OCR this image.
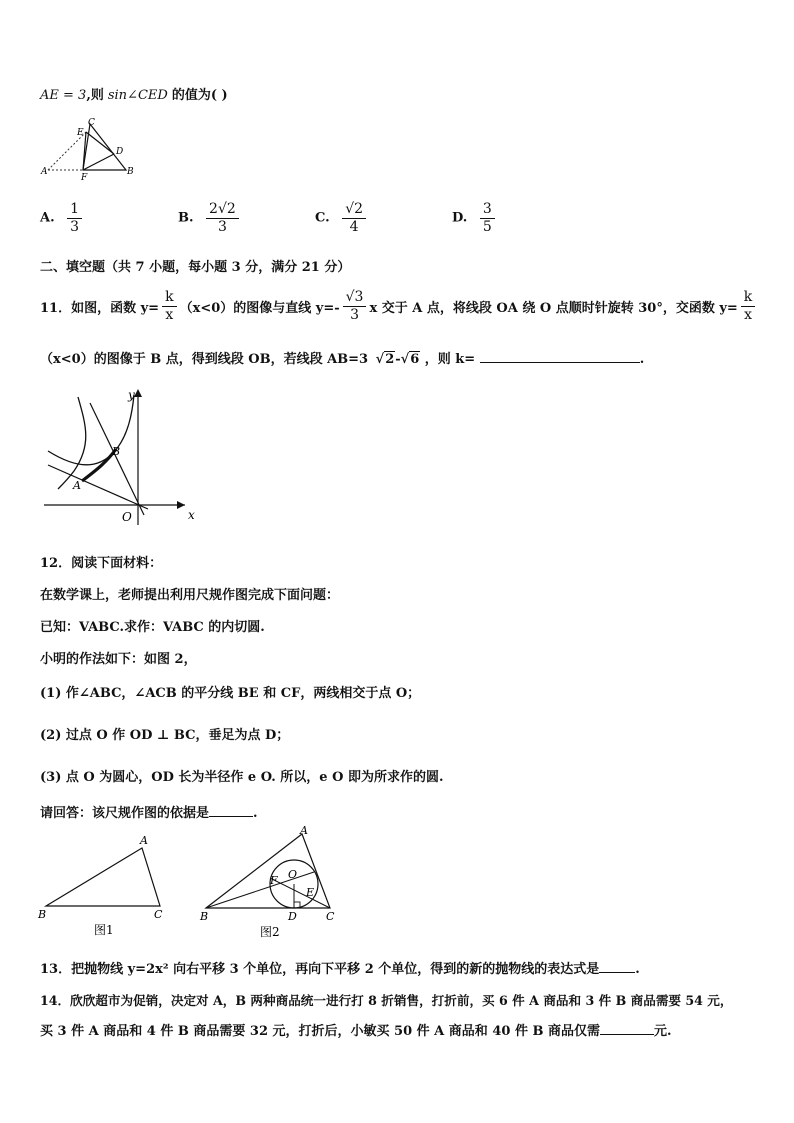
AE = 3,则 sin∠CED 的值为( )
C
E
D
A
F
B
A. $\frac{1}{3}$	B. $\frac{2√2}{3}$	C. $\frac{√2}{4}$	D. $\frac{3}{5}$
二、填空题（共 7 小题，每小题 3 分，满分 21 分）
11．如图，函数 $y= \frac{k}{x} (x<0)$的图像与直线 $y=- \frac{√3}{3}$ x 交于 A 点，将线段 OA 绕 O 点顺时针旋转 30°，交函数 $y= \frac{k}{x}$
（x<0）的图像于 B 点，得到线段 OB，若线段 AB=3 √2-√6 ，则 k=	.
A
B
O	x
y
12．阅读下面材料：
在数学课上，老师提出利用尺规作图完成下面问题：
已知：VABC.求作：VABC 的内切圆.
小明的作法如下：如图 2，
(1) 作∠ABC，∠ACB 的平分线 BE 和 CF，两线相交于点 O；
(2) 过点 O 作 OD ⊥ BC，垂足为点 D；
(3) 点 O 为圆心，OD 长为半径作 e O. 所以，e O 即为所求作的圆.
请回答：该尺规作图的依据是	.
A
B	C
图1
A
B	C
O
F
E
D
图2
13．把抛物线 y=2x² 向右平移 3 个单位，再向下平移 2 个单位，得到的新的抛物线的表达式是	.
14．欣欣超市为促销，决定对 A，B 两种商品统一进行打 8 折销售，打折前，买 6 件 A 商品和 3 件 B 商品需要 54 元，
买 3 件 A 商品和 4 件 B 商品需要 32 元，打折后，小敏买 50 件 A 商品和 40 件 B 商品仅需	元.
